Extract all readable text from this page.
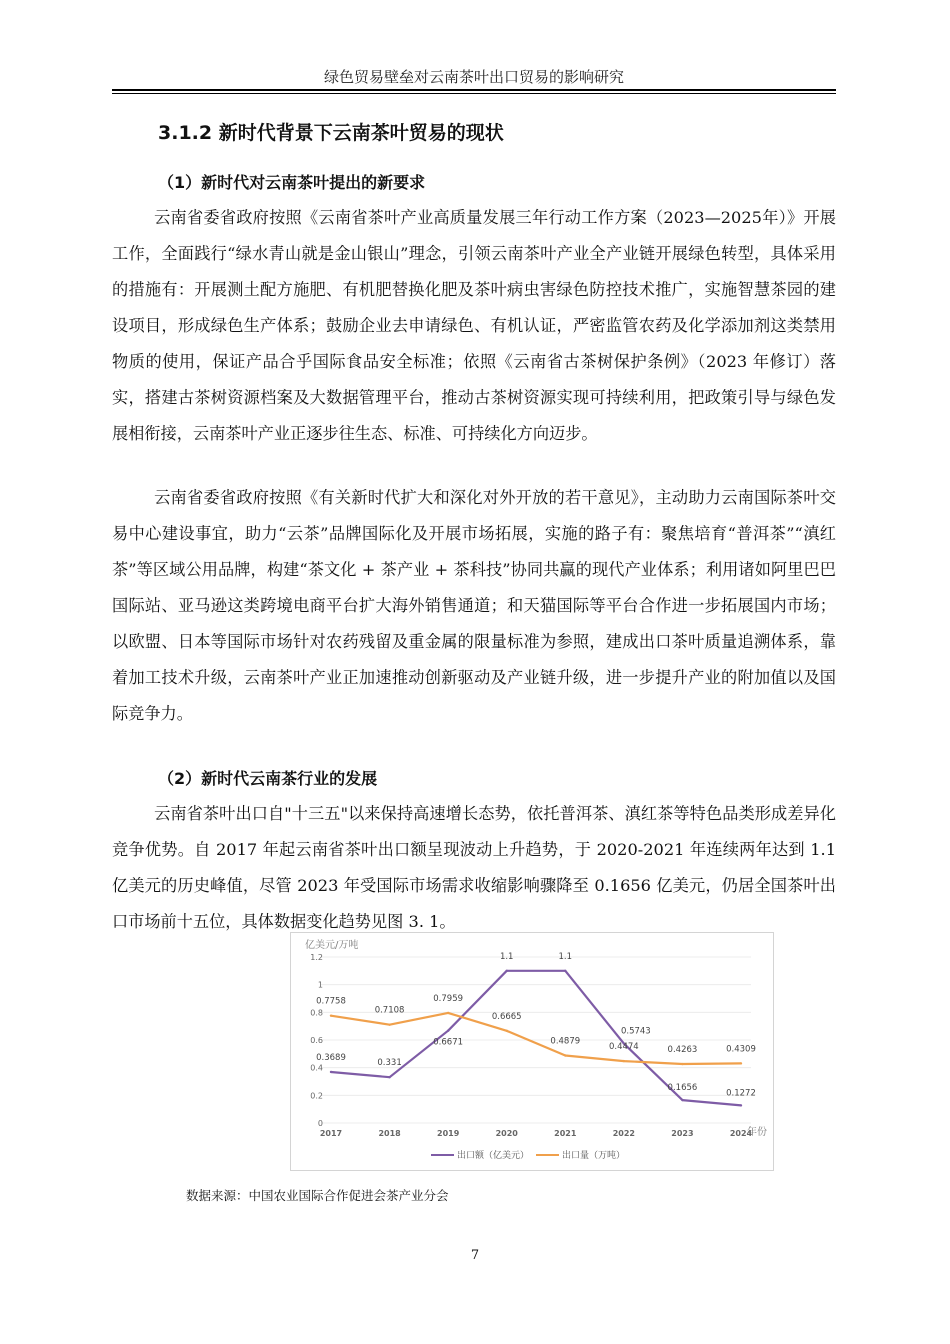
绿色贸易壁垒对云南茶叶出口贸易的影响研究
3.1.2 新时代背景下云南茶叶贸易的现状
（1）新时代对云南茶叶提出的新要求

云南省委省政府按照《云南省茶叶产业高质量发展三年行动工作方案（2023—2025年）》开展工作，全面践行“绿水青山就是金山银山”理念，引领云南茶叶产业全产业链开展绿色转型，具体采用的措施有：开展测土配方施肥、有机肥替换化肥及茶叶病虫害绿色防控技术推广，实施智慧茶园的建设项目，形成绿色生产体系；鼓励企业去申请绿色、有机认证，严密监管农药及化学添加剂这类禁用物质的使用，保证产品合乎国际食品安全标准；依照《云南省古茶树保护条例》（2023 年修订）落实，搭建古茶树资源档案及大数据管理平台，推动古茶树资源实现可持续利用，把政策引导与绿色发展相衔接，云南茶叶产业正逐步往生态、标准、可持续化方向迈步。

云南省委省政府按照《有关新时代扩大和深化对外开放的若干意见》，主动助力云南国际茶叶交易中心建设事宜，助力“云茶”品牌国际化及开展市场拓展，实施的路子有：聚焦培育“普洱茶”“滇红茶”等区域公用品牌，构建“茶文化 + 茶产业 + 茶科技”协同共赢的现代产业体系；利用诸如阿里巴巴国际站、亚马逊这类跨境电商平台扩大海外销售通道；和天猫国际等平台合作进一步拓展国内市场；以欧盟、日本等国际市场针对农药残留及重金属的限量标准为参照，建成出口茶叶质量追溯体系，靠着加工技术升级，云南茶叶产业正加速推动创新驱动及产业链升级，进一步提升产业的附加值以及国际竞争力。

（2）新时代云南茶行业的发展

云南省茶叶出口自"十三五"以来保持高速增长态势，依托普洱茶、滇红茶等特色品类形成差异化竞争优势。自 2017 年起云南省茶叶出口额呈现波动上升趋势，于 2020-2021 年连续两年达到 1.1 亿美元的历史峰值，尽管 2023 年受国际市场需求收缩影响骤降至 0.1656 亿美元，仍居全国茶叶出口市场前十五位，具体数据变化趋势见图 3. 1。

亿美元/万吨
0
0.2
0.4
0.6
0.8
1
1.2
2017	2018	2019	2020	2021	2022	2023	2024
年份
0.3689
0.331
0.6671
1.1	1.1
0.5743
0.1656
0.1272
0.7758
0.7108
0.7959
0.6665
0.4879
0.4474	0.4263	0.4309
出口额（亿美元）	出口量（万吨）
数据来源：中国农业国际合作促进会茶产业分会
7
